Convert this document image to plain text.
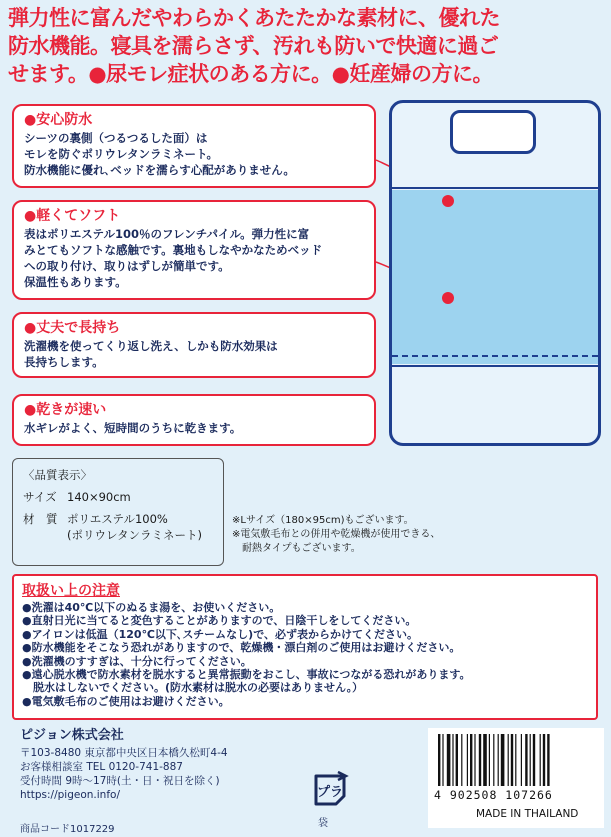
弾力性に富んだやわらかくあたたかな素材に、優れた
防水機能。寝具を濡らさず、汚れも防いで快適に過ご
せます。●尿モレ症状のある方に。●妊産婦の方に。
●安心防水
シーツの裏側（つるつるした面）は
モレを防ぐポリウレタンラミネート。
防水機能に優れ､ベッドを濡らす心配がありません。
●軽くてソフト
表はポリエステル100％のフレンチパイル。弾力性に富
みとてもソフトな感触です。裏地もしなやかなためベッド
への取り付け、取りはずしが簡単です。
保温性もあります。
●丈夫で長持ち
洗濯機を使ってくり返し洗え、しかも防水効果は
長持ちします。
●乾きが速い
水ギレがよく、短時間のうちに乾きます。
〈品質表示〉
サイズ 140×90cm
材　質 ポリエステル100%
(ポリウレタンラミネート)
※Lサイズ（180×95cm)もございます。
※電気敷毛布との併用や乾燥機が使用できる、
　耐熱タイプもございます。
取扱い上の注意
●洗濯は40℃以下のぬるま湯を、お使いください。
●直射日光に当てると変色することがありますので、日陰干しをしてください。
●アイロンは低温（120℃以下､スチームなし)で、必ず表からかけてください。
●防水機能をそこなう恐れがありますので、乾燥機・漂白剤のご使用はお避けください。
●洗濯機のすすぎは、十分に行ってください。
●遠心脱水機で防水素材を脱水すると異常振動をおこし、事故につながる恐れがあります。
　脱水はしないでください。(防水素材は脱水の必要はありません。）
●電気敷毛布のご使用はお避けください。
ピジョン株式会社
〒103-8480 東京都中央区日本橋久松町4-4
お客様相談室 TEL 0120-741-887
受付時間 9時〜17時(土・日・祝日を除く)
https://pigeon.info/
商品コード1017229
プラ
袋
4 902508 107266
MADE IN THAILAND
